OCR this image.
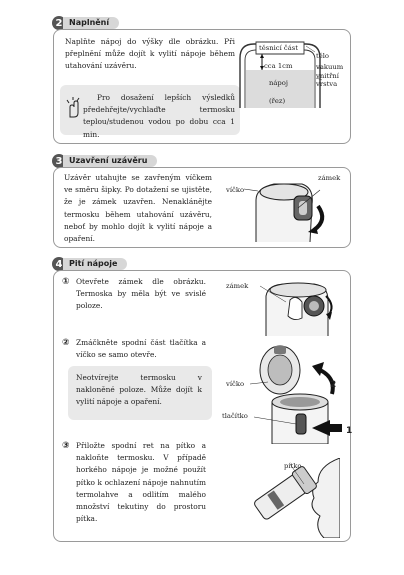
2 Naplnění
Naplňte nápoj do výšky dle obrázku. Při přeplnění může dojít k vylití nápoje během utahování uzávěru.
Pro dosažení lepších výsledků předehřejte/vychlaďte termosku teplou/studenou vodou po dobu cca 1 min.
těsnicí část
tělo
cca 1cm	vakuum
vnitřní
vrstva
nápoj
(řez)
3 Uzavření uzávěru
Uzávěr utahujte se zavřeným víčkem ve směru šipky. Po dotažení se ujistěte, že je zámek uzavřen. Nenaklánějte termosku během utahování uzávěru, neboť by mohlo dojít k vylití nápoje a opaření.
víčko
zámek
4 Pití nápoje
① Otevřete zámek dle obrázku. Termoska by měla být ve svislé poloze.
② Zmáčkněte spodní část tlačítka a víčko se samo otevře.
Neotvírejte termosku v nakloněné poloze. Může dojít k vylití nápoje a opaření.
③ Přiložte spodní ret na pítko a nakloňte termosku. V případě horkého nápoje je možné použít pítko k ochlazení nápoje nahnutím termolahve a odlitím malého množství tekutiny do prostoru pítka.
zámek
víčko
tlačítko
2
1
pítko
